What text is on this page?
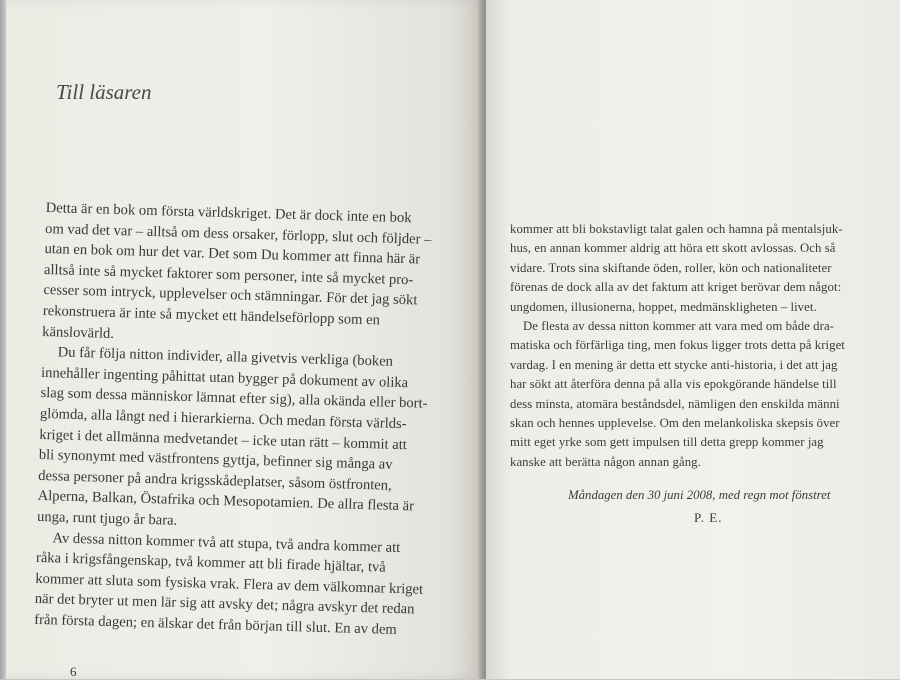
Till läsaren
Detta är en bok om första världskriget. Det är dock inte en bok
om vad det var – alltså om dess orsaker, förlopp, slut och följder –
utan en bok om hur det var. Det som Du kommer att finna här är
alltså inte så mycket faktorer som personer, inte så mycket pro-
cesser som intryck, upplevelser och stämningar. För det jag sökt
rekonstruera är inte så mycket ett händelseförlopp som en
känslovärld.
Du får följa nitton individer, alla givetvis verkliga (boken
innehåller ingenting påhittat utan bygger på dokument av olika
slag som dessa människor lämnat efter sig), alla okända eller bort-
glömda, alla långt ned i hierarkierna. Och medan första världs-
kriget i det allmänna medvetandet – icke utan rätt – kommit att
bli synonymt med västfrontens gyttja, befinner sig många av
dessa personer på andra krigsskådeplatser, såsom östfronten,
Alperna, Balkan, Östafrika och Mesopotamien. De allra flesta är
unga, runt tjugo år bara.
Av dessa nitton kommer två att stupa, två andra kommer att
råka i krigsfångenskap, två kommer att bli firade hjältar, två
kommer att sluta som fysiska vrak. Flera av dem välkomnar kriget
när det bryter ut men lär sig att avsky det; några avskyr det redan
från första dagen; en älskar det från början till slut. En av dem
6
kommer att bli bokstavligt talat galen och hamna på mentalsjuk-
hus, en annan kommer aldrig att höra ett skott avlossas. Och så
vidare. Trots sina skiftande öden, roller, kön och nationaliteter
förenas de dock alla av det faktum att kriget berövar dem något:
ungdomen, illusionerna, hoppet, medmänskligheten – livet.
De flesta av dessa nitton kommer att vara med om både dra-
matiska och förfärliga ting, men fokus ligger trots detta på kriget
vardag. I en mening är detta ett stycke anti-historia, i det att jag
har sökt att återföra denna på alla vis epokgörande händelse till
dess minsta, atomära beståndsdel, nämligen den enskilda männi
skan och hennes upplevelse. Om den melankoliska skepsis över
mitt eget yrke som gett impulsen till detta grepp kommer jag
kanske att berätta någon annan gång.
Måndagen den 30 juni 2008, med regn mot fönstret
P. E.
